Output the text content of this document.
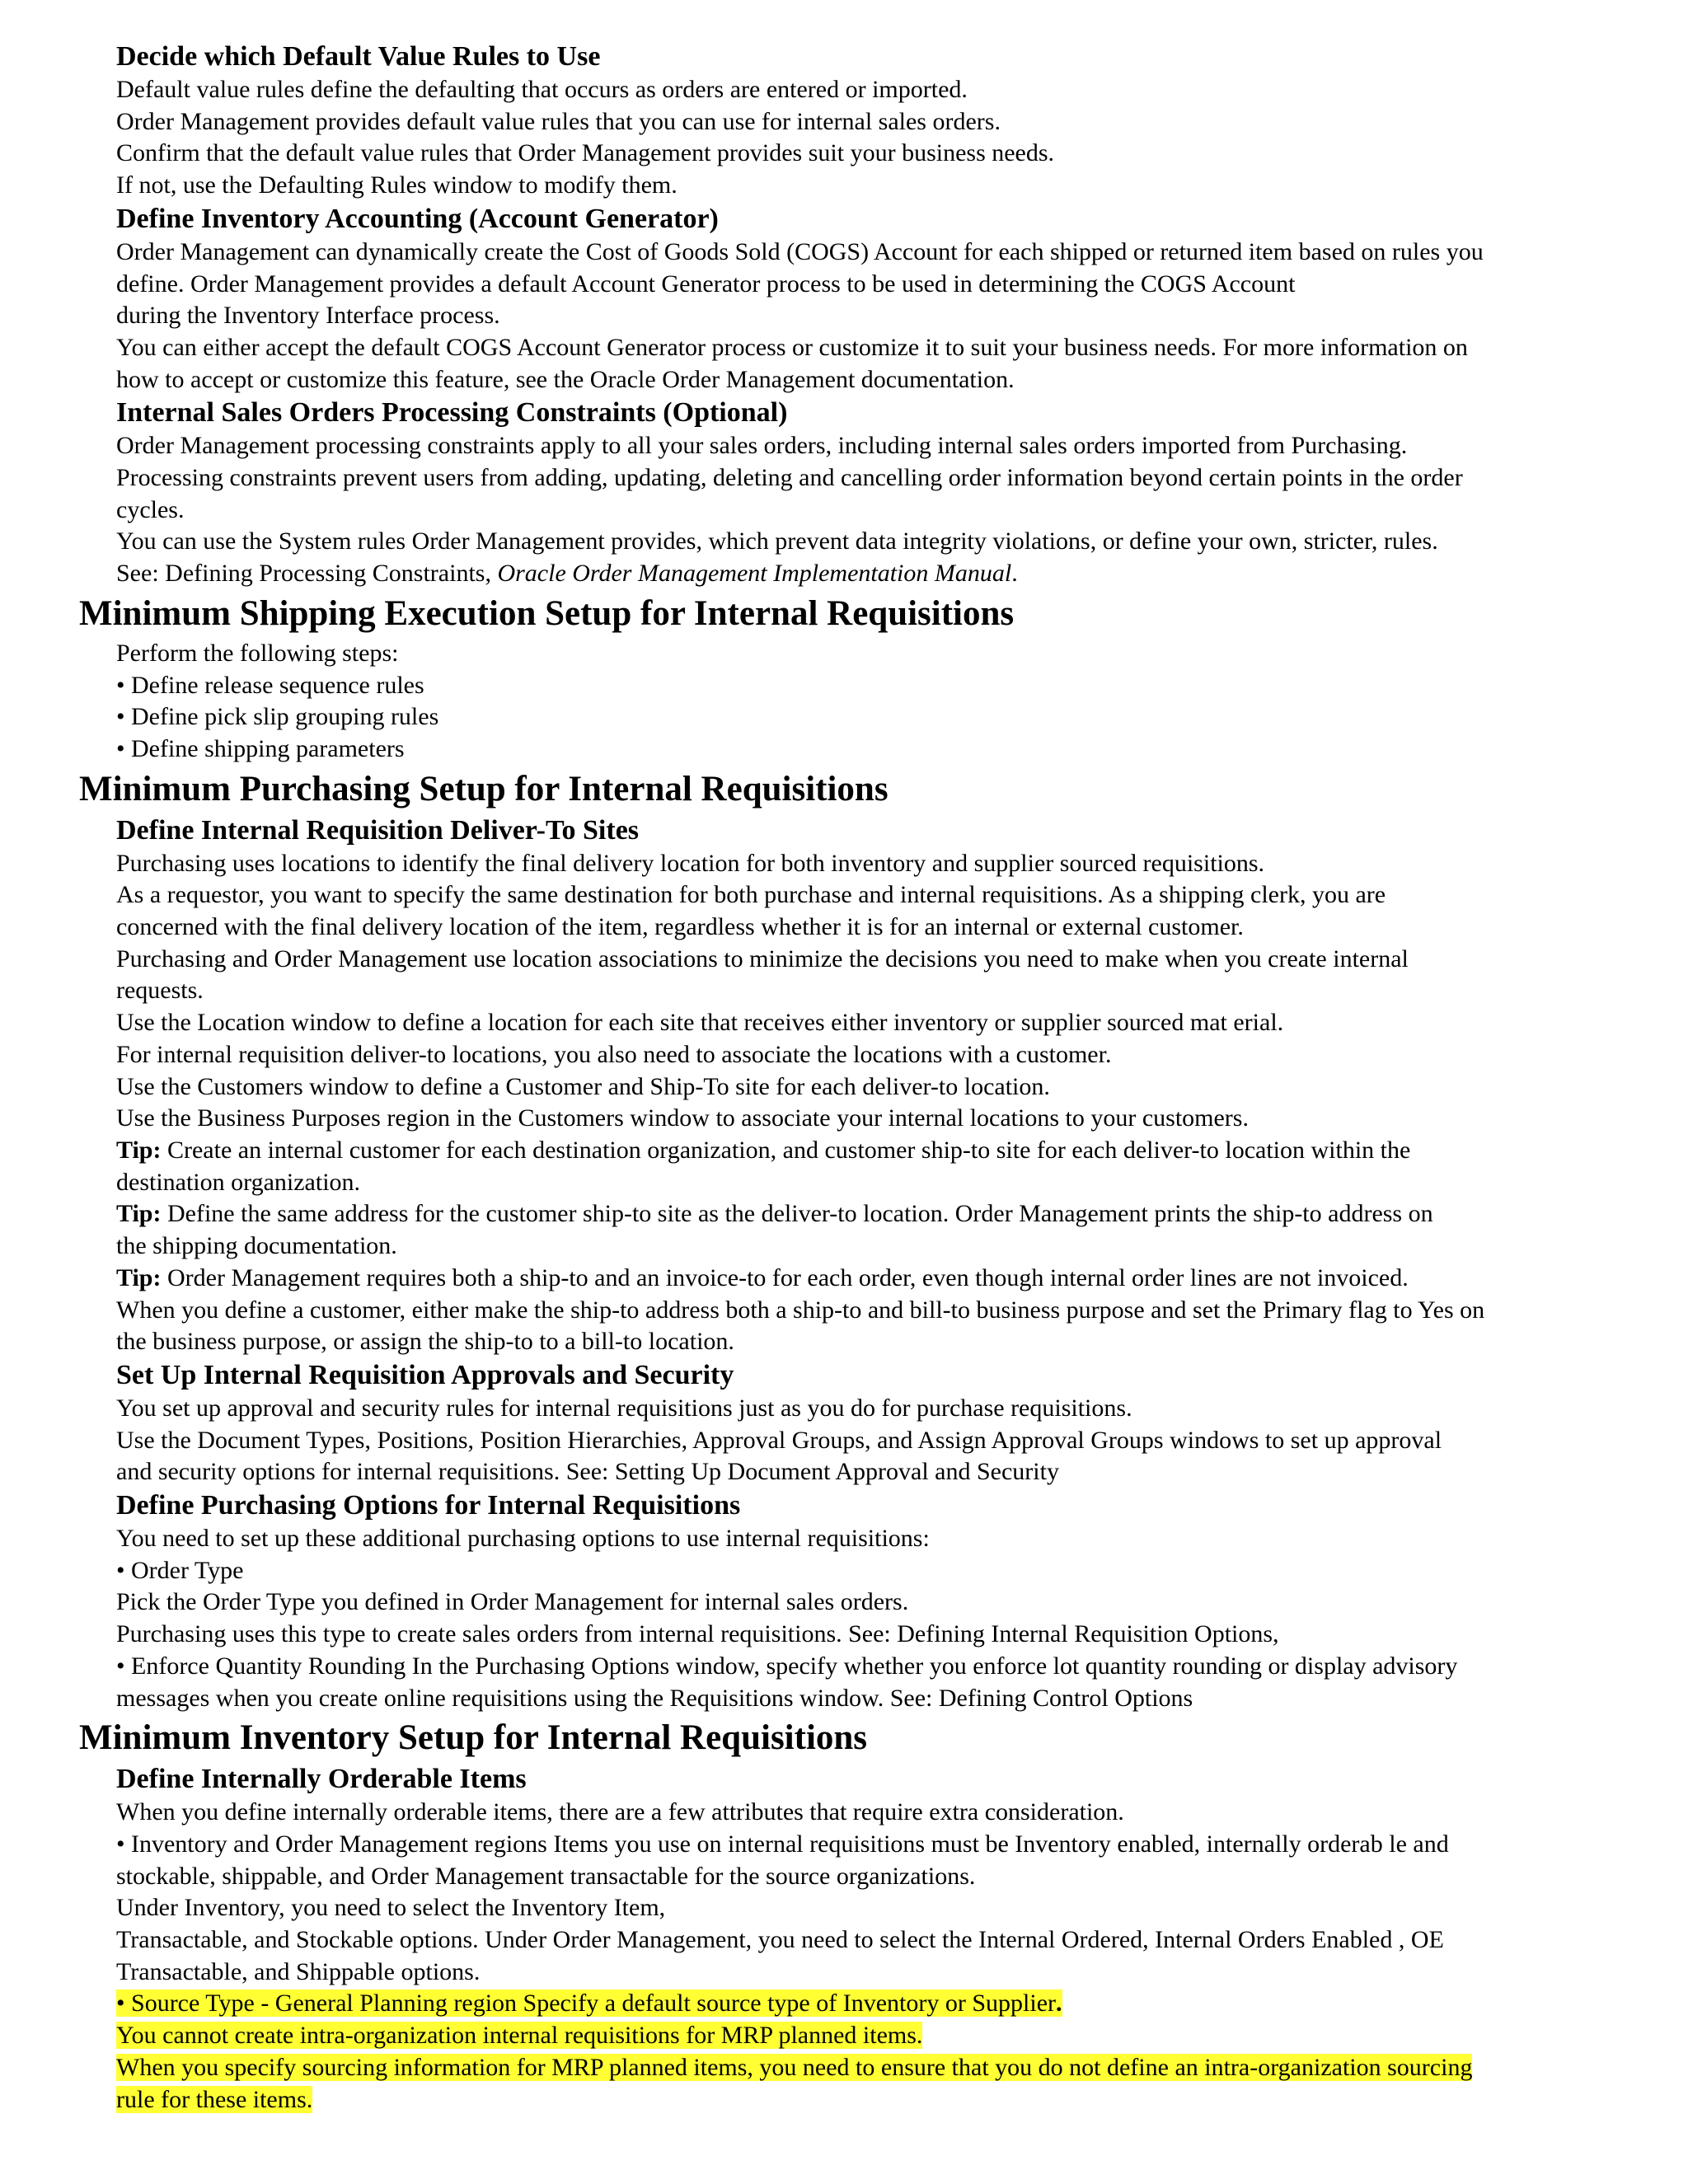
Decide which Default Value Rules to Use
Default value rules define the defaulting that occurs as orders are entered or imported.
Order Management provides default value rules that you can use for internal sales orders.
Confirm that the default value rules that Order Management provides suit your business needs.
If not, use the Defaulting Rules window to modify them.
Define Inventory Accounting (Account Generator)
Order Management can dynamically create the Cost of Goods Sold (COGS) Account for each shipped or returned item based on rules you
define. Order Management provides a default Account Generator process to be used in determining the COGS Account
during the Inventory Interface process.
You can either accept the default COGS Account Generator process or customize it to suit your business needs. For more information on
how to accept or customize this feature, see the Oracle Order Management documentation.
Internal Sales Orders Processing Constraints (Optional)
Order Management processing constraints apply to all your sales orders, including internal sales orders imported from Purchasing.
Processing constraints prevent users from adding, updating, deleting and cancelling order information beyond certain points in the order
cycles.
You can use the System rules Order Management provides, which prevent data integrity violations, or define your own, stricter, rules.
See: Defining Processing Constraints, Oracle Order Management Implementation Manual.
Minimum Shipping Execution Setup for Internal Requisitions
Perform the following steps:
• Define release sequence rules
• Define pick slip grouping rules
• Define shipping parameters
Minimum Purchasing Setup for Internal Requisitions
Define Internal Requisition Deliver-To Sites
Purchasing uses locations to identify the final delivery location for both inventory and supplier sourced requisitions.
As a requestor, you want to specify the same destination for both purchase and internal requisitions. As a shipping clerk, you are
concerned with the final delivery location of the item, regardless whether it is for an internal or external customer.
Purchasing and Order Management use location associations to minimize the decisions you need to make when you create internal
requests.
Use the Location window to define a location for each site that receives either inventory or supplier sourced mat erial.
For internal requisition deliver-to locations, you also need to associate the locations with a customer.
Use the Customers window to define a Customer and Ship-To site for each deliver-to location.
Use the Business Purposes region in the Customers window to associate your internal locations to your customers.
Tip: Create an internal customer for each destination organization, and customer ship-to site for each deliver-to location within the
destination organization.
Tip: Define the same address for the customer ship-to site as the deliver-to location. Order Management prints the ship-to address on
the shipping documentation.
Tip: Order Management requires both a ship-to and an invoice-to for each order, even though internal order lines are not invoiced.
When you define a customer, either make the ship-to address both a ship-to and bill-to business purpose and set the Primary flag to Yes on
the business purpose, or assign the ship-to to a bill-to location.
Set Up Internal Requisition Approvals and Security
You set up approval and security rules for internal requisitions just as you do for purchase requisitions.
Use the Document Types, Positions, Position Hierarchies, Approval Groups, and Assign Approval Groups windows to set up approval
and security options for internal requisitions. See: Setting Up Document Approval and Security
Define Purchasing Options for Internal Requisitions
You need to set up these additional purchasing options to use internal requisitions:
• Order Type
Pick the Order Type you defined in Order Management for internal sales orders.
Purchasing uses this type to create sales orders from internal requisitions. See: Defining Internal Requisition Options,
• Enforce Quantity Rounding In the Purchasing Options window, specify whether you enforce lot quantity rounding or display advisory
messages when you create online requisitions using the Requisitions window. See: Defining Control Options
Minimum Inventory Setup for Internal Requisitions
Define Internally Orderable Items
When you define internally orderable items, there are a few attributes that require extra consideration.
• Inventory and Order Management regions Items you use on internal requisitions must be Inventory enabled, internally orderab le and
stockable, shippable, and Order Management transactable for the source organizations.
Under Inventory, you need to select the Inventory Item,
Transactable, and Stockable options. Under Order Management, you need to select the Internal Ordered, Internal Orders Enabled , OE
Transactable, and Shippable options.
• Source Type - General Planning region Specify a default source type of Inventory or Supplier.
You cannot create intra-organization internal requisitions for MRP planned items.
When you specify sourcing information for MRP planned items, you need to ensure that you do not define an intra-organization sourcing
rule for these items.
